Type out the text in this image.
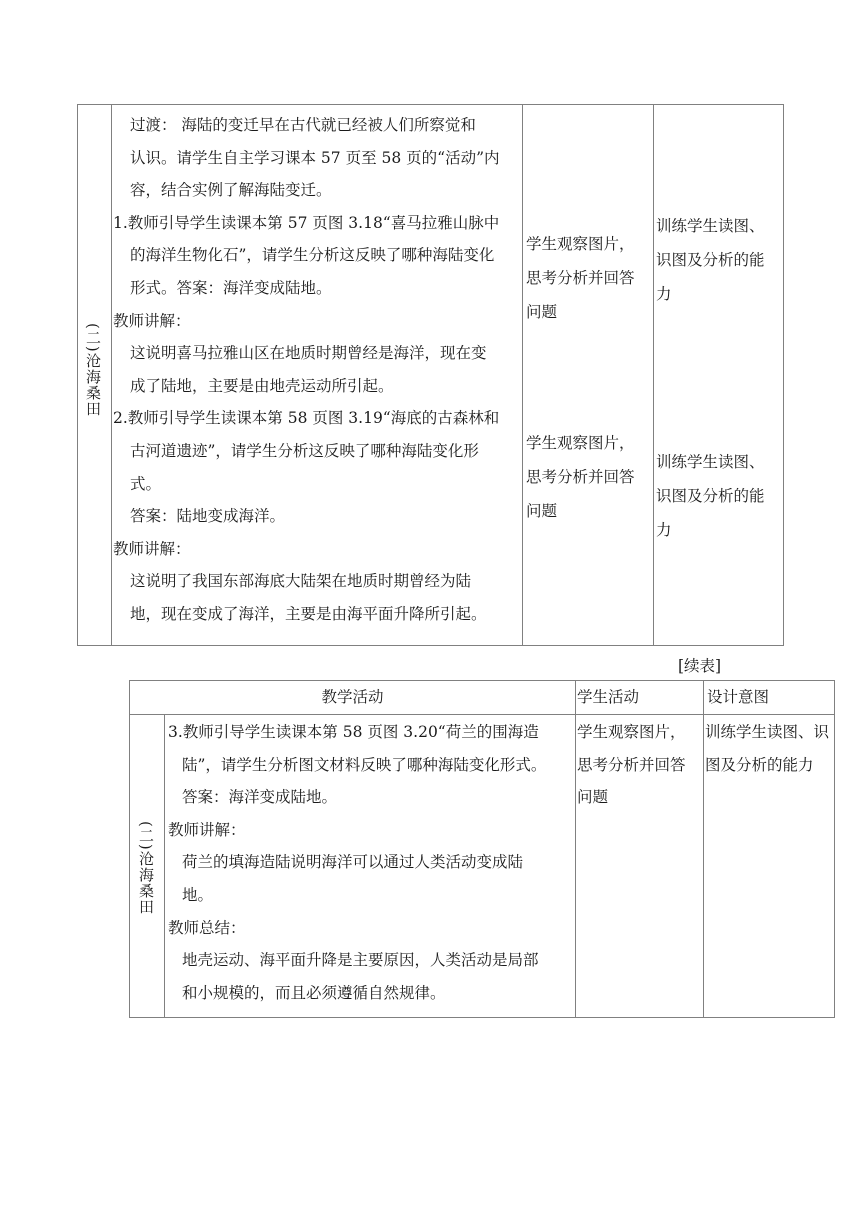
(二)沧海桑田

过渡： 海陆的变迁早在古代就已经被人们所察觉和

认识。请学生自主学习课本 57 页至 58 页的“活动”内

容，结合实例了解海陆变迁。

1.教师引导学生读课本第 57 页图 3.18“喜马拉雅山脉中

的海洋生物化石”，请学生分析这反映了哪种海陆变化

形式。答案：海洋变成陆地。

教师讲解：

这说明喜马拉雅山区在地质时期曾经是海洋，现在变

成了陆地，主要是由地壳运动所引起。

2.教师引导学生读课本第 58 页图 3.19“海底的古森林和

古河道遗迹”，请学生分析这反映了哪种海陆变化形

式。

答案：陆地变成海洋。

教师讲解：

这说明了我国东部海底大陆架在地质时期曾经为陆

地，现在变成了海洋，主要是由海平面升降所引起。

学生观察图片，

思考分析并回答

问题

训练学生读图、

识图及分析的能

力

学生观察图片，

思考分析并回答

问题

训练学生读图、

识图及分析的能

力

[续表]
教学活动	学生活动	设计意图
(二)沧海桑田

3.教师引导学生读课本第 58 页图 3.20“荷兰的围海造

陆”，请学生分析图文材料反映了哪种海陆变化形式。

答案：海洋变成陆地。

教师讲解：

荷兰的填海造陆说明海洋可以通过人类活动变成陆

地。

教师总结：

地壳运动、海平面升降是主要原因，人类活动是局部

和小规模的，而且必须遵循自然规律。

学生观察图片，

思考分析并回答

问题

训练学生读图、识

图及分析的能力
